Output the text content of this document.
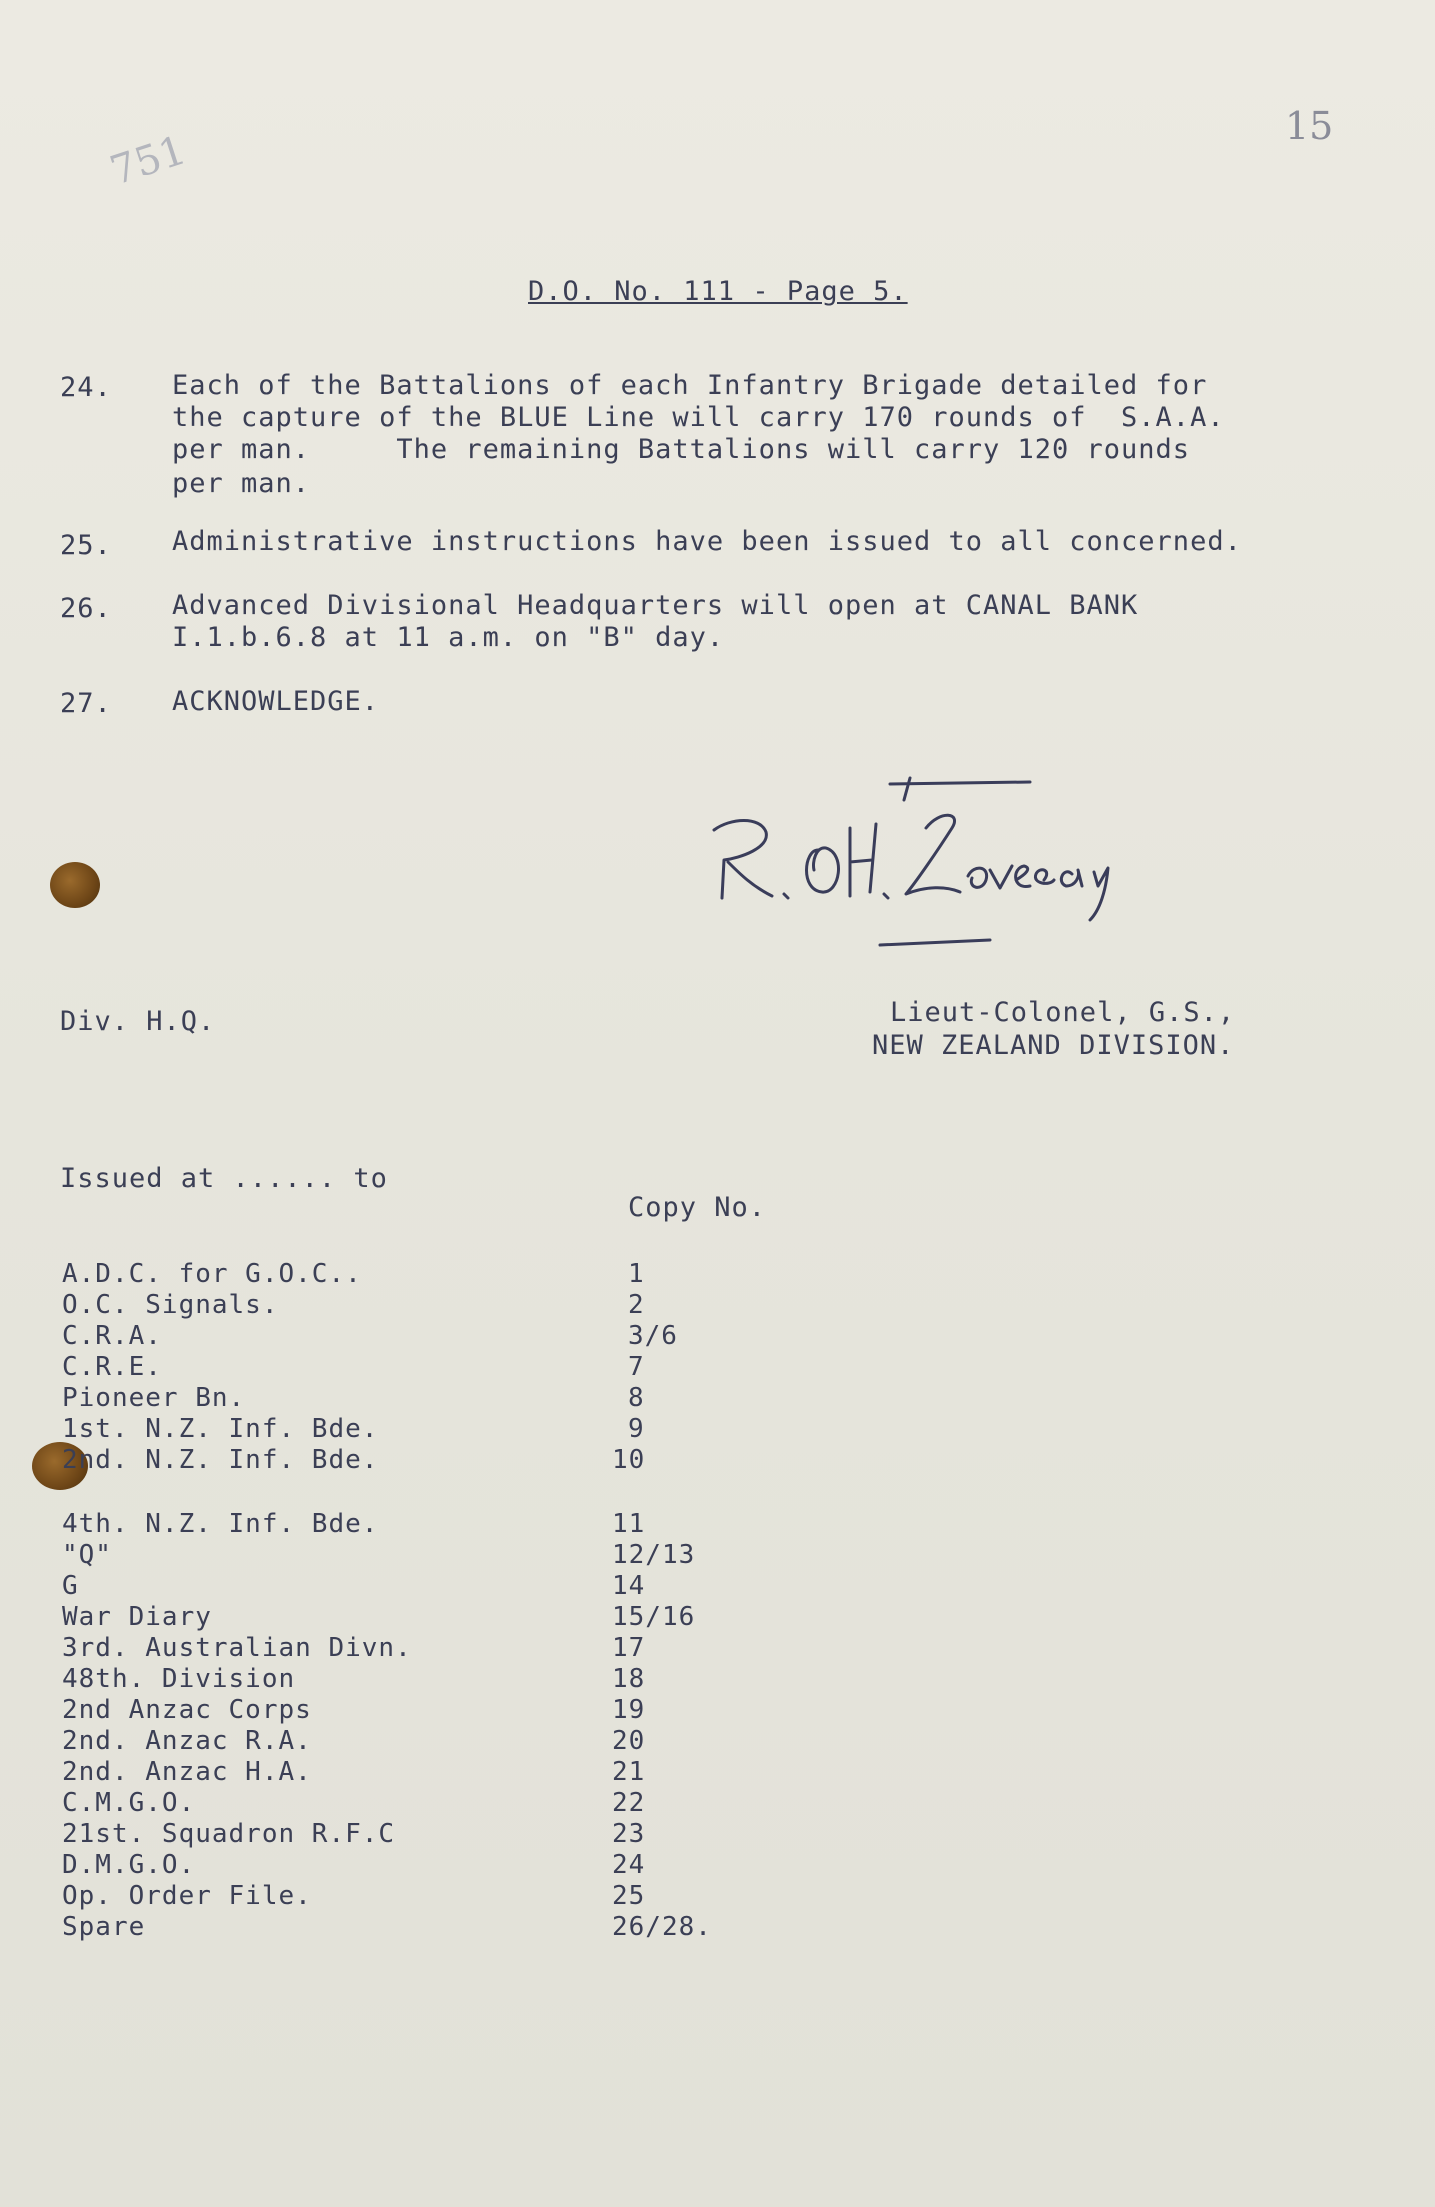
15
751
D.O. No. 111 - Page 5.
24. Each of the Battalions of each Infantry Brigade detailed for
the capture of the BLUE Line will carry 170 rounds of  S.A.A.
per man.     The remaining Battalions will carry 120 rounds
per man.
25. Administrative instructions have been issued to all concerned.
26. Advanced Divisional Headquarters will open at CANAL BANK
I.1.b.6.8 at 11 a.m. on "B" day.
27. ACKNOWLEDGE.
Div. H.Q.	Lieut-Colonel, G.S.,
NEW ZEALAND DIVISION.
Issued at ...... to
Copy No.
A.D.C. for G.O.C..	1
O.C. Signals.	2
C.R.A.	3/6
C.R.E.	7
Pioneer Bn.	8
1st. N.Z. Inf. Bde.	9
2nd. N.Z. Inf. Bde.	10
4th. N.Z. Inf. Bde.	11
"Q"	12/13
G	14
War Diary	15/16
3rd. Australian Divn.	17
48th. Division	18
2nd Anzac Corps	19
2nd. Anzac R.A.	20
2nd. Anzac H.A.	21
C.M.G.O.	22
21st. Squadron R.F.C	23
D.M.G.O.	24
Op. Order File.	25
Spare	26/28.
